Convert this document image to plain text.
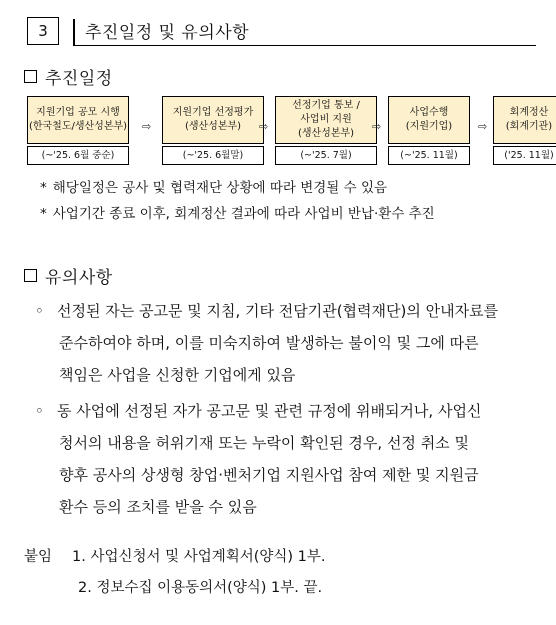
3	추진일정 및 유의사항
추진일정
지원기업 공모 시행
(한국철도/생산성본부)
(~'25. 6월 중순)
⇨
지원기업 선정평가
(생산성본부)
(~'25. 6월말)
⇨
선정기업 통보 /
사업비 지원
(생산성본부)
(~'25. 7월)
⇨
사업수행
(지원기업)
(~'25. 11월)
⇨
회계정산
(회계기관)
('25. 11월)
* 해당일정은 공사 및 협력재단 상황에 따라 변경될 수 있음
* 사업기간 종료 이후, 회계정산 결과에 따라 사업비 반납·환수 추진
유의사항
◦ 선정된 자는 공고문 및 지침, 기타 전담기관(협력재단)의 안내자료를
준수하여야 하며, 이를 미숙지하여 발생하는 불이익 및 그에 따른
책임은 사업을 신청한 기업에게 있음
◦ 동 사업에 선정된 자가 공고문 및 관련 규정에 위배되거나, 사업신
청서의 내용을 허위기재 또는 누락이 확인된 경우, 선정 취소 및
향후 공사의 상생형 창업·벤처기업 지원사업 참여 제한 및 지원금
환수 등의 조치를 받을 수 있음
붙임 1. 사업신청서 및 사업계획서(양식) 1부.
2. 정보수집 이용동의서(양식) 1부. 끝.
